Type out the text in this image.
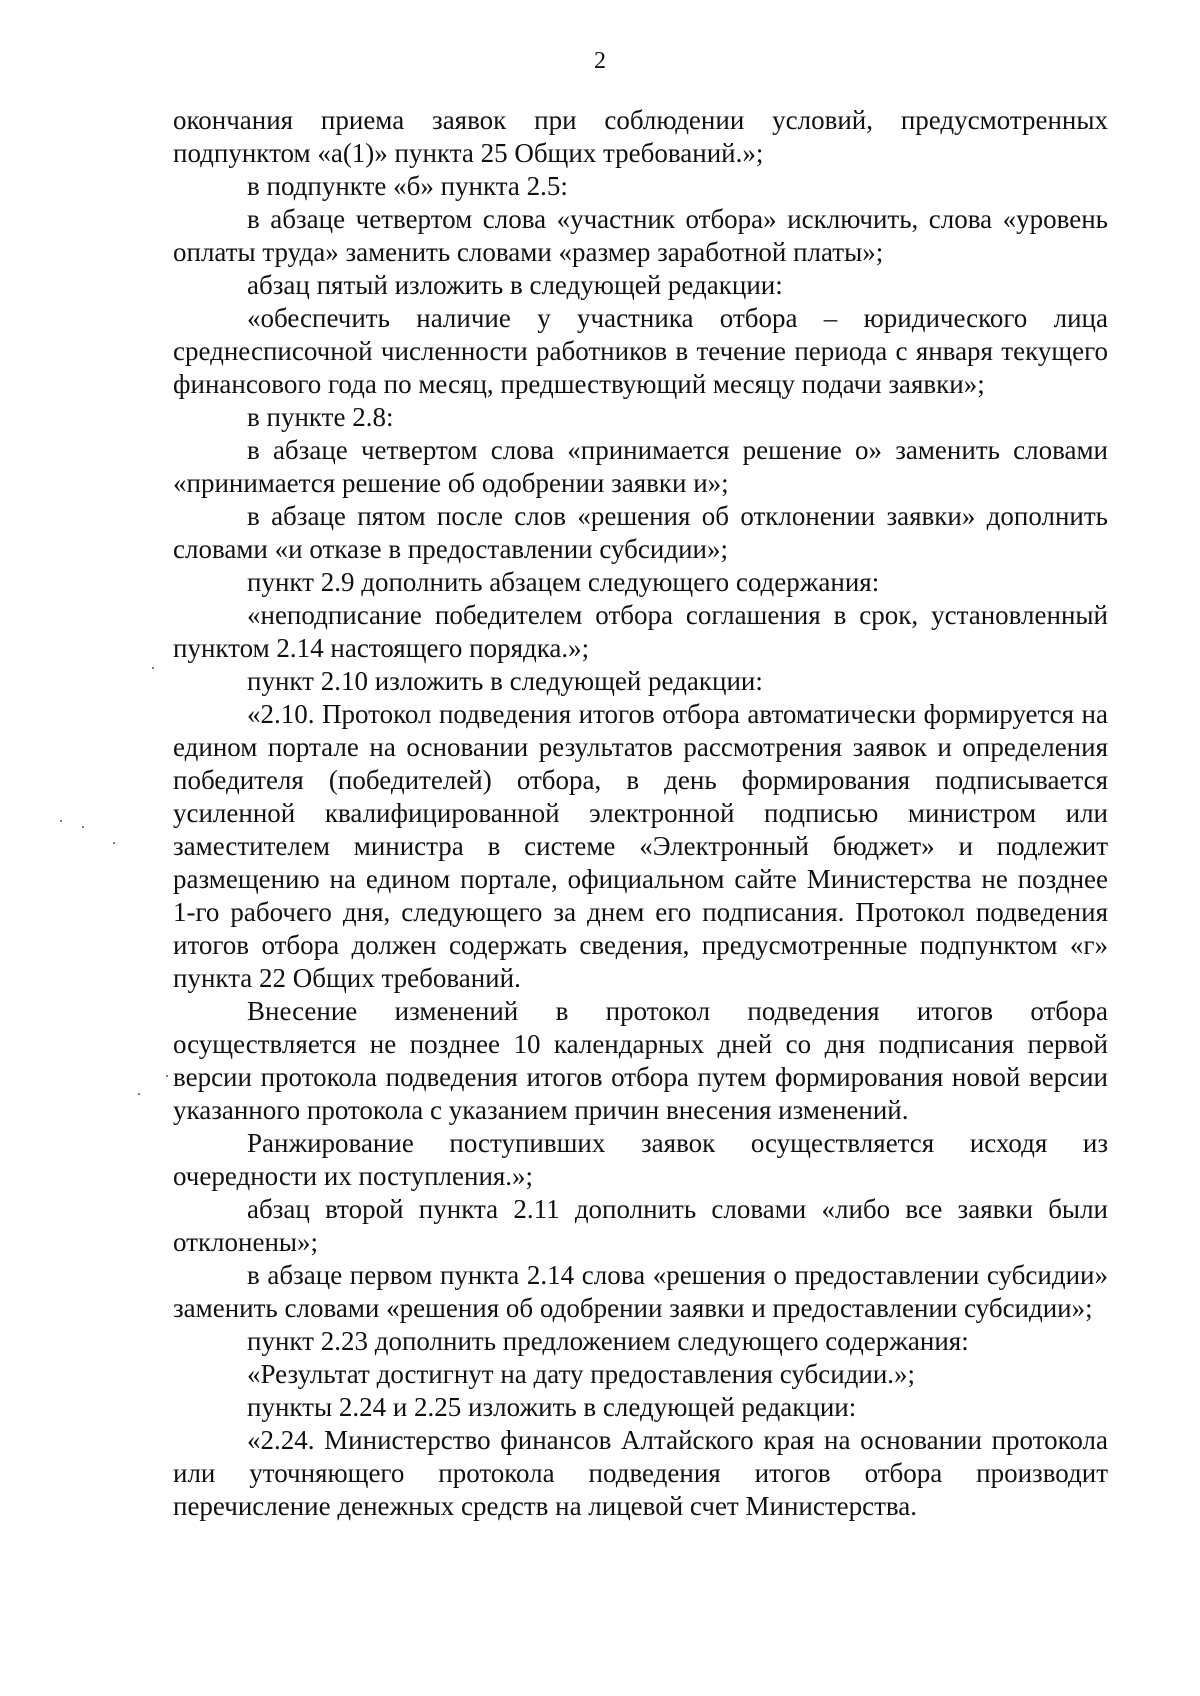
2

окончания приема заявок при соблюдении условий, предусмотренных подпунктом «а(1)» пункта 25 Общих требований.»;

в подпункте «б» пункта 2.5:

в абзаце четвертом слова «участник отбора» исключить, слова «уровень оплаты труда» заменить словами «размер заработной платы»;

абзац пятый изложить в следующей редакции:

«обеспечить наличие у участника отбора – юридического лица среднесписочной численности работников в течение периода с января текущего финансового года по месяц, предшествующий месяцу подачи заявки»;

в пункте 2.8:

в абзаце четвертом слова «принимается решение о» заменить словами «принимается решение об одобрении заявки и»;

в абзаце пятом после слов «решения об отклонении заявки» дополнить словами «и отказе в предоставлении субсидии»;

пункт 2.9 дополнить абзацем следующего содержания:

«неподписание победителем отбора соглашения в срок, установленный пунктом 2.14 настоящего порядка.»;

пункт 2.10 изложить в следующей редакции:

«2.10. Протокол подведения итогов отбора автоматически формируется на едином портале на основании результатов рассмотрения заявок и определения победителя (победителей) отбора, в день формирования подписывается усиленной квалифицированной электронной подписью министром или заместителем министра в системе «Электронный бюджет» и подлежит размещению на едином портале, официальном сайте Министерства не позднее 1-го рабочего дня, следующего за днем его подписания. Протокол подведения итогов отбора должен содержать сведения, предусмотренные подпунктом «г» пункта 22 Общих требований.

Внесение изменений в протокол подведения итогов отбора осуществляется не позднее 10 календарных дней со дня подписания первой версии протокола подведения итогов отбора путем формирования новой версии указанного протокола с указанием причин внесения изменений.

Ранжирование поступивших заявок осуществляется исходя из очередности их поступления.»;

абзац второй пункта 2.11 дополнить словами «либо все заявки были отклонены»;

в абзаце первом пункта 2.14 слова «решения о предоставлении субсидии» заменить словами «решения об одобрении заявки и предоставлении субсидии»;

пункт 2.23 дополнить предложением следующего содержания:

«Результат достигнут на дату предоставления субсидии.»;

пункты 2.24 и 2.25 изложить в следующей редакции:

«2.24. Министерство финансов Алтайского края на основании протокола или уточняющего протокола подведения итогов отбора производит перечисление денежных средств на лицевой счет Министерства.
